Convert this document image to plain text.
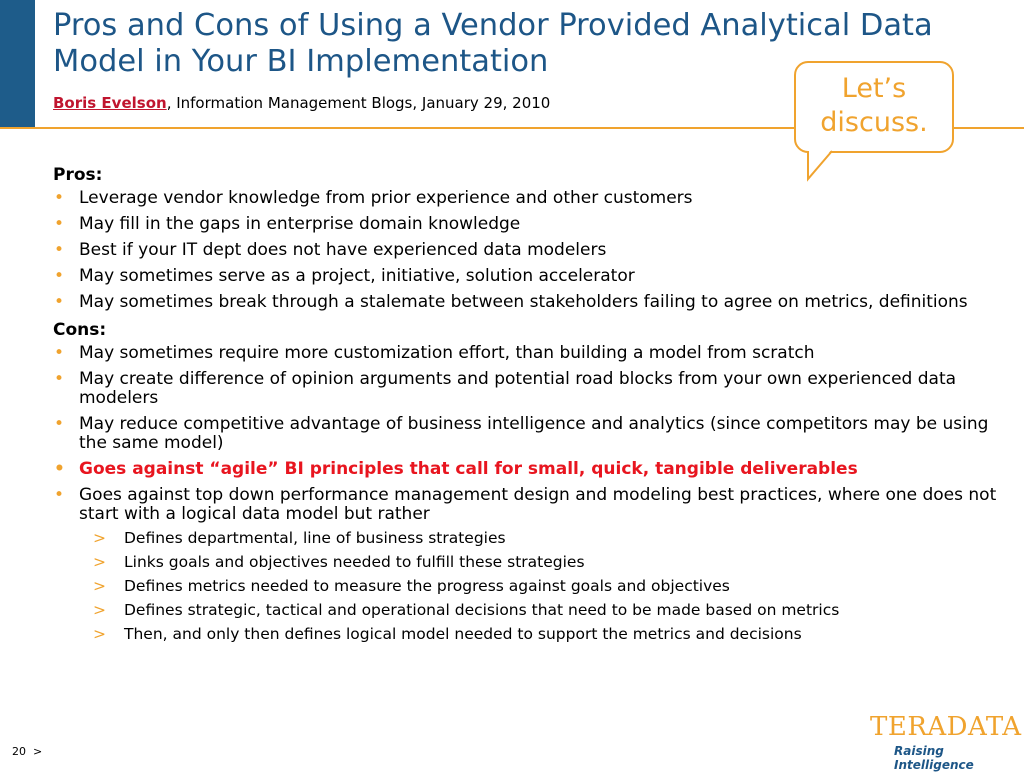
Pros and Cons of Using a Vendor Provided Analytical Data Model in Your BI Implementation
Boris Evelson, Information Management Blogs, January 29, 2010	Let’s discuss.
Pros:
• Leverage vendor knowledge from prior experience and other customers
• May fill in the gaps in enterprise domain knowledge
• Best if your IT dept does not have experienced data modelers
• May sometimes serve as a project, initiative, solution accelerator
• May sometimes break through a stalemate between stakeholders failing to agree on metrics, definitions
Cons:
• May sometimes require more customization effort, than building a model from scratch
• May create difference of opinion arguments and potential road blocks from your own experienced data modelers
• May reduce competitive advantage of business intelligence and analytics (since competitors may be using the same model)
• Goes against “agile” BI principles that call for small, quick, tangible deliverables
• Goes against top down performance management design and modeling best practices, where one does not start with a logical data model but rather
> Defines departmental, line of business strategies
> Links goals and objectives needed to fulfill these strategies
> Defines metrics needed to measure the progress against goals and objectives
> Defines strategic, tactical and operational decisions that need to be made based on metrics
> Then, and only then defines logical model needed to support the metrics and decisions
20 >
TERADATA
Raising Intelligence
